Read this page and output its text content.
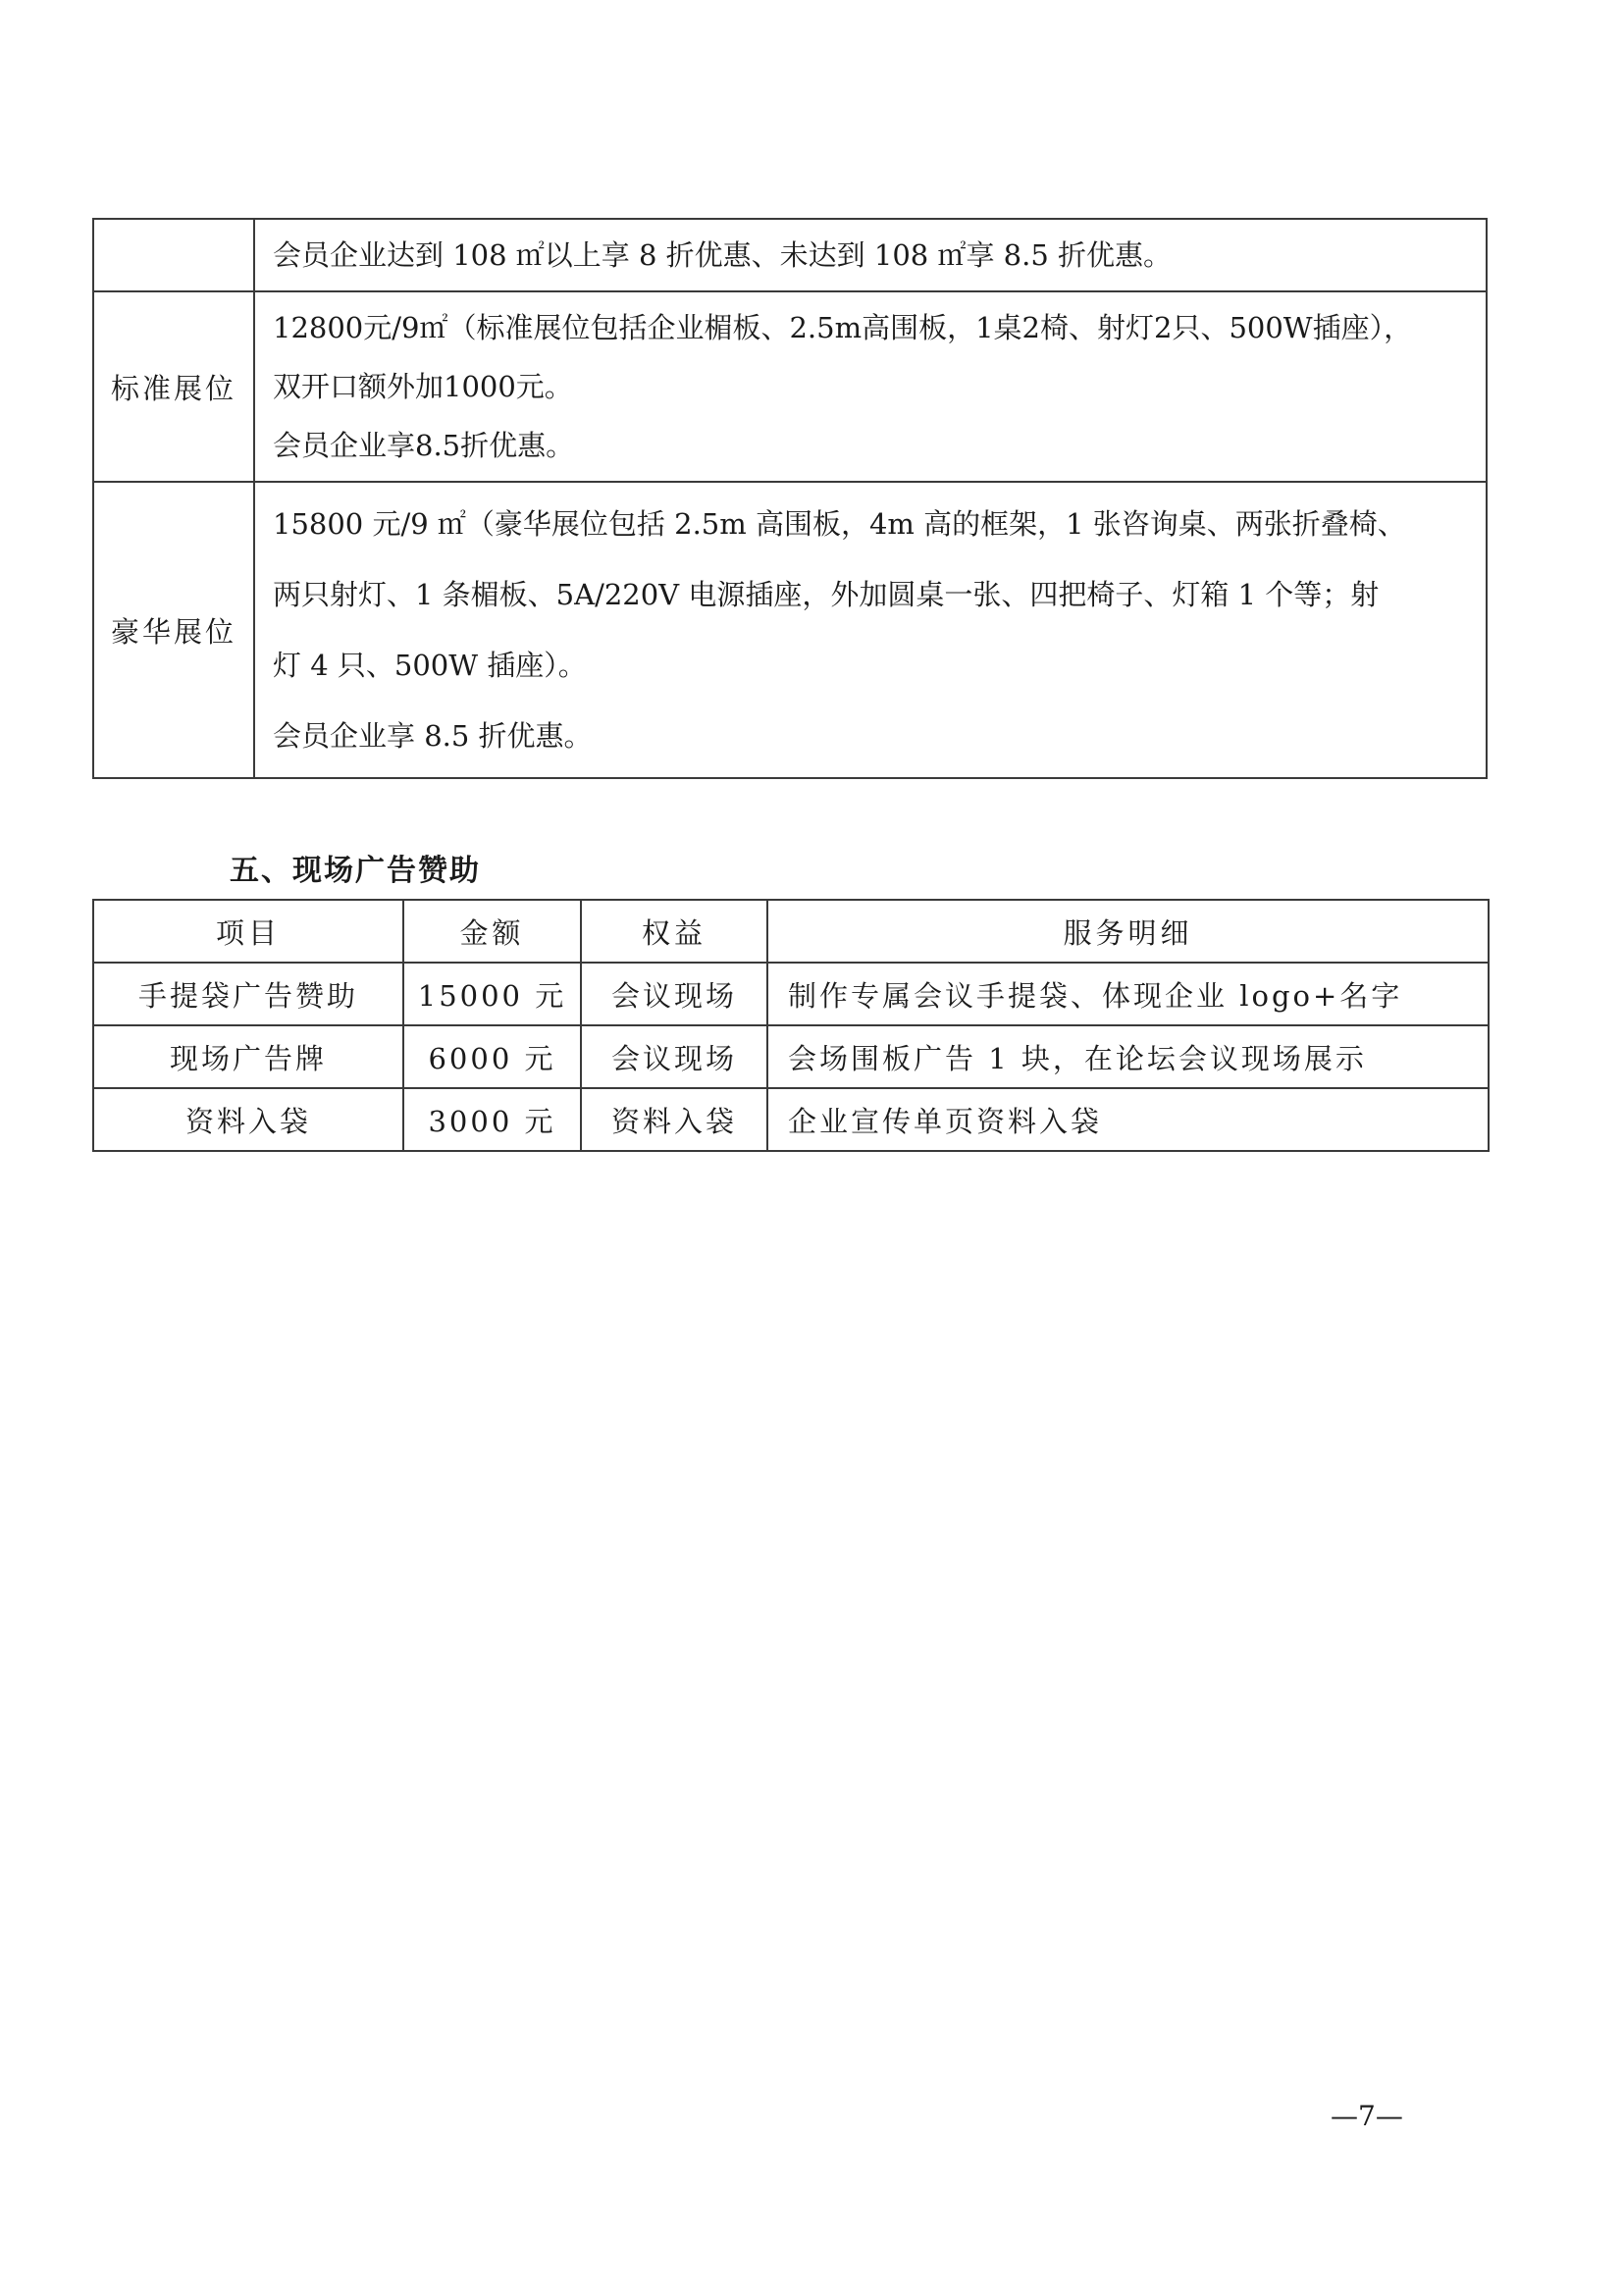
	会员企业达到 108 ㎡以上享 8 折优惠、未达到 108 ㎡享 8.5 折优惠。

标准展位	12800元/9㎡（标准展位包括企业楣板、2.5m高围板，1桌2椅、射灯2只、500W插座），
双开口额外加1000元。
会员企业享8.5折优惠。

豪华展位	15800 元/9 ㎡（豪华展位包括 2.5m 高围板，4m 高的框架，1 张咨询桌、两张折叠椅、
两只射灯、1 条楣板、5A/220V 电源插座，外加圆桌一张、四把椅子、灯箱 1 个等；射
灯 4 只、500W 插座）。
会员企业享 8.5 折优惠。
五、现场广告赞助
项目	金额	权益	服务明细
手提袋广告赞助	15000 元	会议现场	制作专属会议手提袋、体现企业 logo+名字
现场广告牌	6000 元	会议现场	会场围板广告 1 块，在论坛会议现场展示
资料入袋	3000 元	资料入袋	企业宣传单页资料入袋
—7—
